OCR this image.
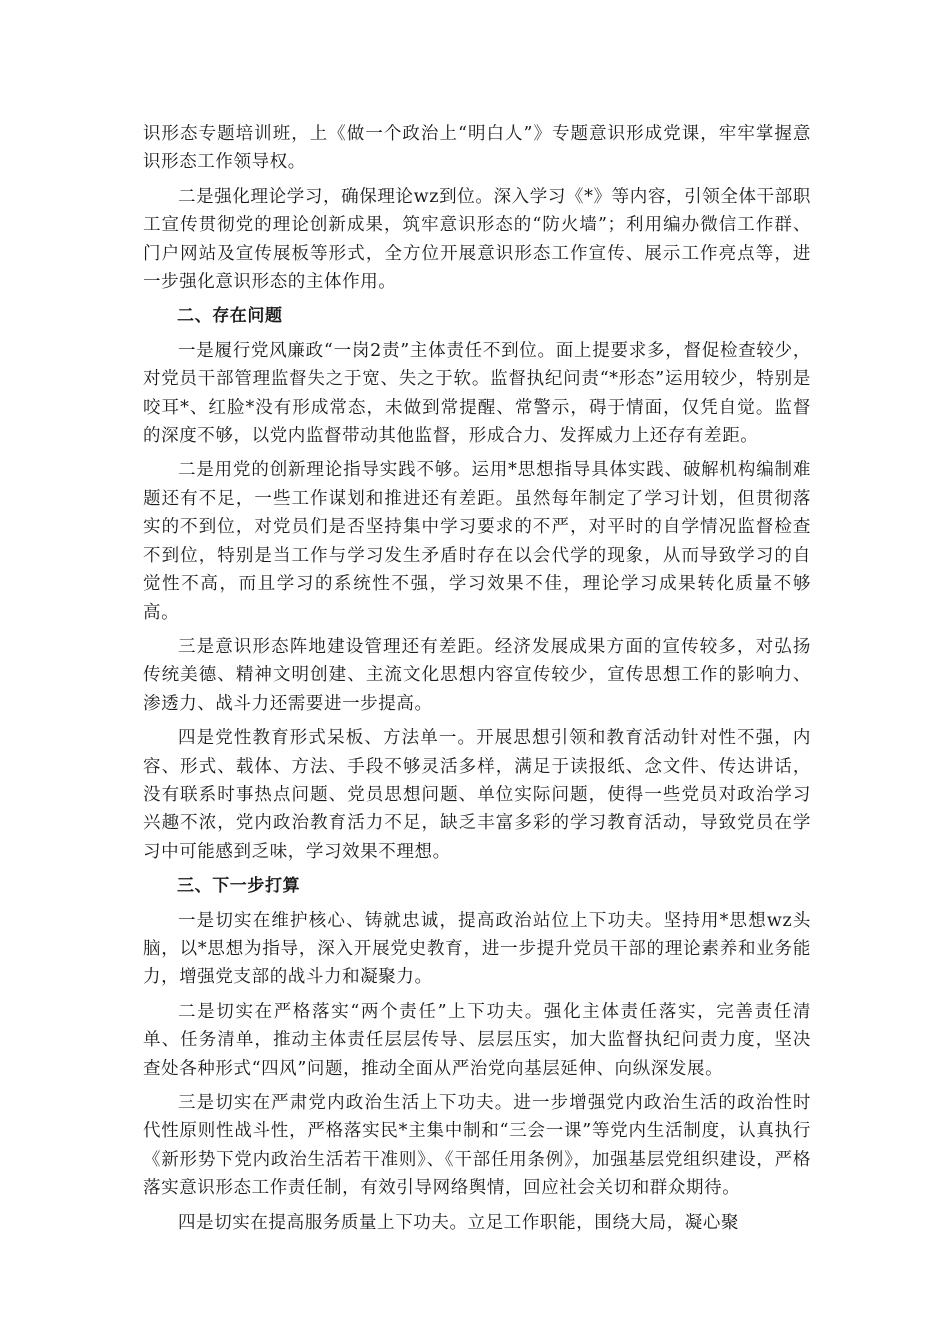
识形态专题培训班，上《做一个政治上“明白人”》专题意识形成党课，牢牢掌握意识形态工作领导权。

二是强化理论学习，确保理论wz到位。深入学习《*》等内容，引领全体干部职工宣传贯彻党的理论创新成果，筑牢意识形态的“防火墙”；利用编办微信工作群、门户网站及宣传展板等形式，全方位开展意识形态工作宣传、展示工作亮点等，进一步强化意识形态的主体作用。

二、存在问题

一是履行党风廉政“一岗2责”主体责任不到位。面上提要求多，督促检查较少，对党员干部管理监督失之于宽、失之于软。监督执纪问责“*形态”运用较少，特别是咬耳*、红脸*没有形成常态，未做到常提醒、常警示，碍于情面，仅凭自觉。监督的深度不够，以党内监督带动其他监督，形成合力、发挥威力上还存有差距。

二是用党的创新理论指导实践不够。运用*思想指导具体实践、破解机构编制难题还有不足，一些工作谋划和推进还有差距。虽然每年制定了学习计划，但贯彻落实的不到位，对党员们是否坚持集中学习要求的不严，对平时的自学情况监督检查不到位，特别是当工作与学习发生矛盾时存在以会代学的现象，从而导致学习的自觉性不高，而且学习的系统性不强，学习效果不佳，理论学习成果转化质量不够高。

三是意识形态阵地建设管理还有差距。经济发展成果方面的宣传较多，对弘扬传统美德、精神文明创建、主流文化思想内容宣传较少，宣传思想工作的影响力、渗透力、战斗力还需要进一步提高。

四是党性教育形式呆板、方法单一。开展思想引领和教育活动针对性不强，内容、形式、载体、方法、手段不够灵活多样，满足于读报纸、念文件、传达讲话，没有联系时事热点问题、党员思想问题、单位实际问题，使得一些党员对政治学习兴趣不浓，党内政治教育活力不足，缺乏丰富多彩的学习教育活动，导致党员在学习中可能感到乏味，学习效果不理想。

三、下一步打算

一是切实在维护核心、铸就忠诚，提高政治站位上下功夫。坚持用*思想wz头脑，以*思想为指导，深入开展党史教育，进一步提升党员干部的理论素养和业务能力，增强党支部的战斗力和凝聚力。

二是切实在严格落实“两个责任”上下功夫。强化主体责任落实，完善责任清单、任务清单，推动主体责任层层传导、层层压实，加大监督执纪问责力度，坚决查处各种形式“四风”问题，推动全面从严治党向基层延伸、向纵深发展。

三是切实在严肃党内政治生活上下功夫。进一步增强党内政治生活的政治性时代性原则性战斗性，严格落实民*主集中制和“三会一课”等党内生活制度，认真执行《新形势下党内政治生活若干准则》、《干部任用条例》，加强基层党组织建设，严格落实意识形态工作责任制，有效引导网络舆情，回应社会关切和群众期待。

四是切实在提高服务质量上下功夫。立足工作职能，围绕大局，凝心聚
